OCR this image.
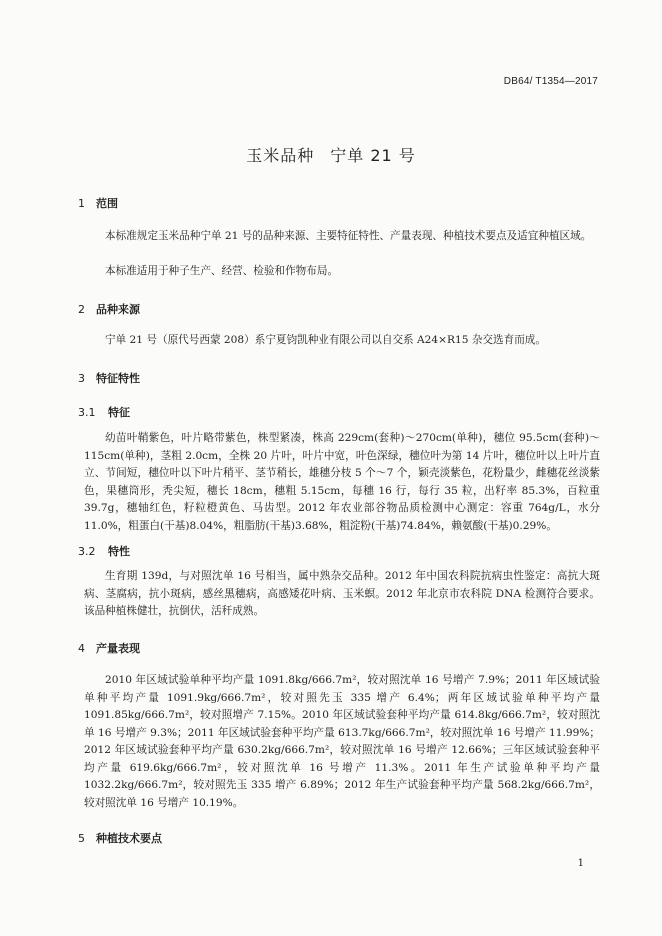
DB64/ T1354—2017
玉米品种 宁单 21 号
1 范围

本标准规定玉米品种宁单 21 号的品种来源、主要特征特性、产量表现、种植技术要点及适宜种植区域。

本标准适用于种子生产、经营、检验和作物布局。

2 品种来源

宁单 21 号（原代号西蒙 208）系宁夏钧凯种业有限公司以自交系 A24×R15 杂交选育而成。

3 特征特性
3.1 特征

幼苗叶鞘紫色，叶片略带紫色，株型紧凑，株高 229cm(套种)～270cm(单种)，穗位 95.5cm(套种)～115cm(单种)，茎粗 2.0cm，全株 20 片叶，叶片中宽，叶色深绿，穗位叶为第 14 片叶，穗位叶以上叶片直立、节间短，穗位叶以下叶片稍平、茎节稍长，雄穗分枝 5 个～7 个，颖壳淡紫色，花粉量少，雌穗花丝淡紫色，果穗筒形，秃尖短，穗长 18cm，穗粗 5.15cm，每穗 16 行，每行 35 粒，出籽率 85.3%，百粒重 39.7g，穗轴红色，籽粒橙黄色、马齿型。2012 年农业部谷物品质检测中心测定：容重 764g/L，水分 11.0%，粗蛋白(干基)8.04%，粗脂肪(干基)3.68%，粗淀粉(干基)74.84%，赖氨酸(干基)0.29%。

3.2 特性

生育期 139d，与对照沈单 16 号相当，属中熟杂交品种。2012 年中国农科院抗病虫性鉴定：高抗大斑病、茎腐病，抗小斑病，感丝黑穗病，高感矮花叶病、玉米螟。2012 年北京市农科院 DNA 检测符合要求。该品种植株健壮，抗倒伏，活秆成熟。

4 产量表现

2010 年区域试验单种平均产量 1091.8kg/666.7m²，较对照沈单 16 号增产 7.9%；2011 年区域试验单种平均产量 1091.9kg/666.7m²，较对照先玉 335 增产 6.4%；两年区域试验单种平均产量 1091.85kg/666.7m²，较对照增产 7.15%。2010 年区域试验套种平均产量 614.8kg/666.7m²，较对照沈单 16 号增产 9.3%；2011 年区域试验套种平均产量 613.7kg/666.7m²，较对照沈单 16 号增产 11.99%；2012 年区域试验套种平均产量 630.2kg/666.7m²，较对照沈单 16 号增产 12.66%；三年区域试验套种平均产量 619.6kg/666.7m²，较对照沈单 16 号增产 11.3%。2011 年生产试验单种平均产量 1032.2kg/666.7m²，较对照先玉 335 增产 6.89%；2012 年生产试验套种平均产量 568.2kg/666.7m²，较对照沈单 16 号增产 10.19%。

5 种植技术要点
1
